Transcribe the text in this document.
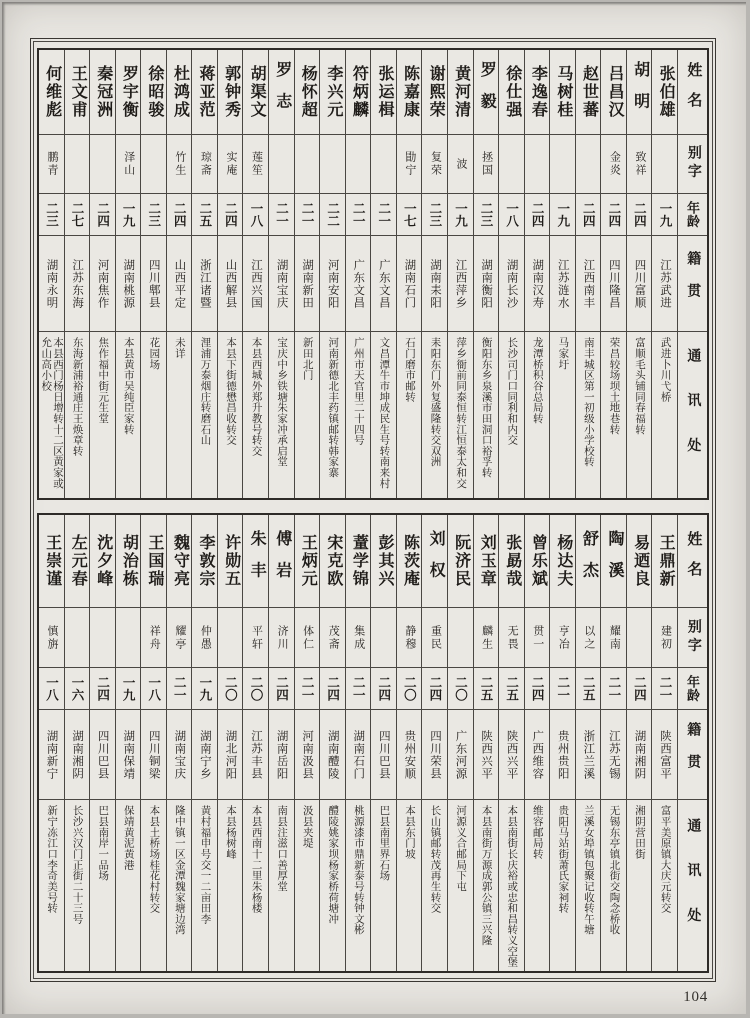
姓名
别字
年龄
籍贯
通讯处
张伯雄
一九
江苏武进
武进卜川弋桥
胡明
致祥
二四
四川富顺
富顺毛头铺同春福转
吕昌汉
金炎
二四
四川隆昌
荣昌较场坝土地巷转
赵世蕃
二四
江西南丰
南丰城区第一初级小学校转
马树桂
一九
江苏涟水
马家圩
李逸春
二四
湖南汉寿
龙潭桥积谷总局转
徐仕强
一八
湖南长沙
长沙司门口同利和内交
罗毅
拯国
二三
湖南衡阳
衡阳东乡泉溪市田洞口裕孚转
黄河清
波
一九
江西萍乡
萍乡衙前同泰恒转江恒泰太和交
谢熙荣
复荣
二三
湖南耒阳
耒阳东门外复盛隆转交双洲
陈嘉康
勖宁
一七
湖南石门
石门磨市邮转
张运楫
二一
广东文昌
文昌潭牛市坤成民生号转南来村
符炳麟
二一
广东文昌
广州市天官里二十四号
李兴元
二二
河南安阳
河南新德北丰药镇邮转韩家寨
杨怀超
二一
湖南新田
新田北门
罗志
二一
湖南宝庆
宝庆中乡铁塘朱家冲承启堂
胡渠文
莲笙
一八
江西兴国
本县西城外郑升教号转交
郭钟秀
实庵
二四
山西解县
本县下街德懋昌收转交
蒋亚范
琼斋
二五
浙江诸暨
浬浦万泰烟庄转磨石山
杜鸿成
竹生
二四
山西平定
未详
徐昭骏
二三
四川郫县
花园场
罗宇衡
泽山
一九
湖南桃源
本县黄市吴纯臣家转
秦冠洲
二四
河南焦作
焦作福中街元生堂
王文甫
二七
江苏东海
东海新浦裕通庄王焕章转
何维彪
鹏青
二三
湖南永明
本县西门杨日增转十二区黄家或允山高小校
姓名
别字
年龄
籍贯
通讯处
王鼎新
建初
二一
陕西富平
富平美原镇大庆元转交
易迺良
二四
湖南湘阴
湘阴营田街
陶溪
耀南
二一
江苏无锡
无锡东亭镇北街交陶念桥收
舒杰
以之
二五
浙江兰溪
兰溪女埠镇包聚记收转午塘
杨达夫
亨冶
二一
贵州贵阳
贵阳马站街萧氏家祠转
曾乐斌
贯一
二四
广西维容
维容邮局转
张勗哉
无畏
二五
陕西兴平
本县南街长庆裕或忠和昌转义空堡
刘玉章
麟生
二五
陕西兴平
本县南街万源成郭公镇三兴隆
阮济民
二〇
广东河源
河源义合邮局下屯
刘权
重民
二四
四川荣县
长山镇邮转茂再生转交
陈茨庵
静穆
二〇
贵州安顺
本县东门坡
彭其兴
二四
四川巴县
巴县南里界石场
蕫学锦
集成
二一
湖南石门
桃源漆市鼎新泰号转钟文彬
宋克欧
茂斋
二四
湖南醴陵
醴陵姚家坝杨家桥荷塘冲
王炳元
体仁
二一
河南汲县
汲县夹堤
傅岩
济川
二四
湖南岳阳
南县注滋口善厚堂
朱丰
平轩
二〇
江苏丰县
本县西南十二里朱杨楼
许勋五
二〇
湖北河阳
本县杨树峰
李敦宗
仲愚
一九
湖南宁乡
黄村福申号交一二亩田李
魏守亮
耀亭
二一
湖南宝庆
隆中镇一区金潭魏家塘边湾
王国瑞
祥舟
一八
四川铜梁
本县土桥场桂花村转交
胡治栋
一九
湖南保靖
保靖黄泥黄港
沈夕峰
二四
四川巴县
巴县南岸一品场
左元春
一六
湖南湘阴
长沙兴汉门正街二十三号
王崇谨
慎旃
一八
湖南新宁
新宁冻江口李奇美号转
104
